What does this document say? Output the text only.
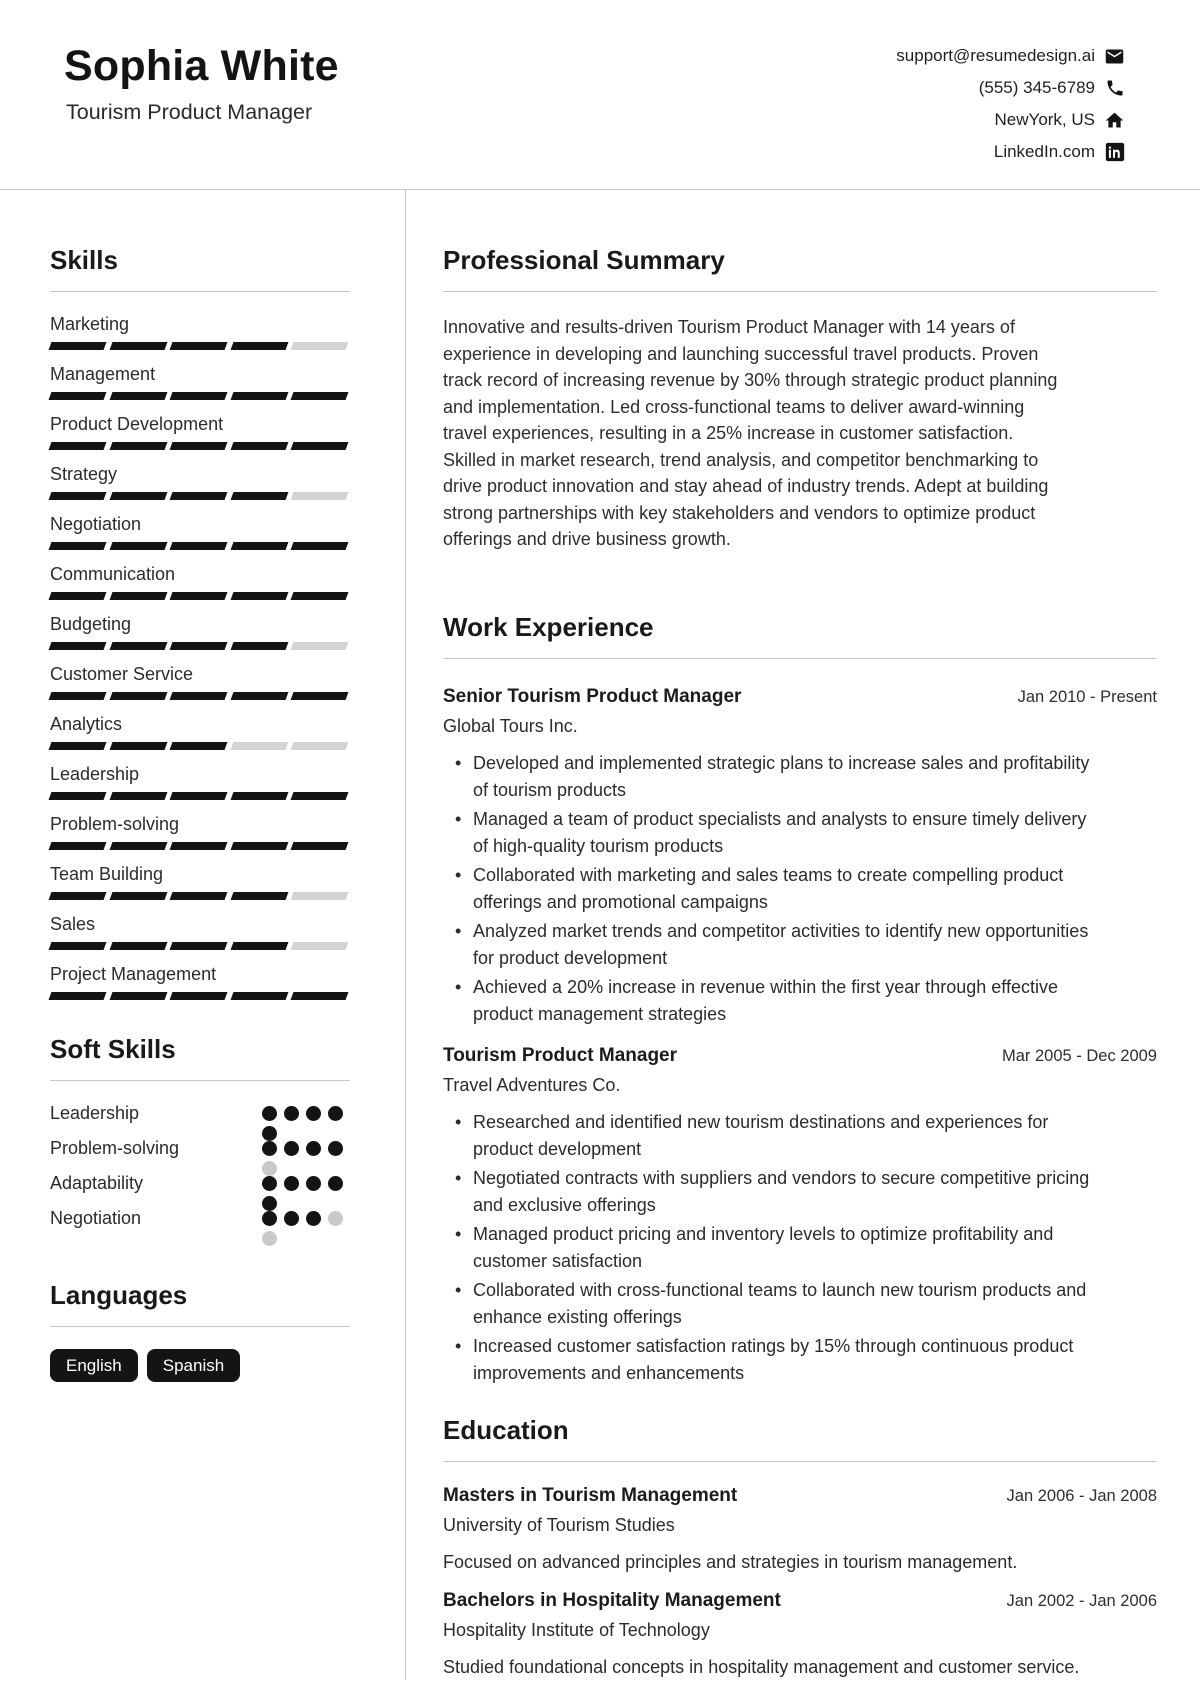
Sophia White
Tourism Product Manager
support@resumedesign.ai
(555) 345-6789
NewYork, US
LinkedIn.com
Skills
Marketing
Management
Product Development
Strategy
Negotiation
Communication
Budgeting
Customer Service
Analytics
Leadership
Problem-solving
Team Building
Sales
Project Management
Soft Skills
Leadership
Problem-solving
Adaptability
Negotiation
Languages
English	Spanish
Professional Summary

Innovative and results-driven Tourism Product Manager with 14 years of experience in developing and launching successful travel products. Proven track record of increasing revenue by 30% through strategic product planning and implementation. Led cross-functional teams to deliver award-winning travel experiences, resulting in a 25% increase in customer satisfaction. Skilled in market research, trend analysis, and competitor benchmarking to drive product innovation and stay ahead of industry trends. Adept at building strong partnerships with key stakeholders and vendors to optimize product offerings and drive business growth.

Work Experience
Senior Tourism Product Manager	Jan 2010 - Present

Global Tours Inc.

• Developed and implemented strategic plans to increase sales and profitability of tourism products
• Managed a team of product specialists and analysts to ensure timely delivery of high-quality tourism products
• Collaborated with marketing and sales teams to create compelling product offerings and promotional campaigns
• Analyzed market trends and competitor activities to identify new opportunities for product development
• Achieved a 20% increase in revenue within the first year through effective product management strategies
Tourism Product Manager	Mar 2005 - Dec 2009

Travel Adventures Co.

• Researched and identified new tourism destinations and experiences for product development
• Negotiated contracts with suppliers and vendors to secure competitive pricing and exclusive offerings
• Managed product pricing and inventory levels to optimize profitability and customer satisfaction
• Collaborated with cross-functional teams to launch new tourism products and enhance existing offerings
• Increased customer satisfaction ratings by 15% through continuous product improvements and enhancements
Education
Masters in Tourism Management	Jan 2006 - Jan 2008

University of Tourism Studies

Focused on advanced principles and strategies in tourism management.

Bachelors in Hospitality Management	Jan 2002 - Jan 2006

Hospitality Institute of Technology

Studied foundational concepts in hospitality management and customer service.
